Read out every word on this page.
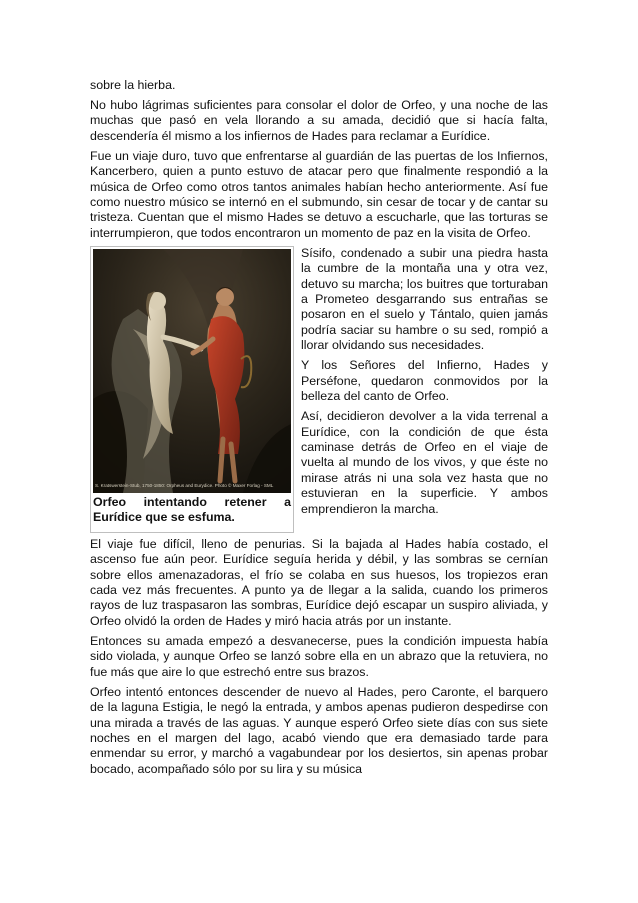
sobre la hierba.

No hubo lágrimas suficientes para consolar el dolor de Orfeo, y una noche de las muchas que pasó en vela llorando a su amada, decidió que si hacía falta, descendería él mismo a los infiernos de Hades para reclamar a Eurídice.

Fue un viaje duro, tuvo que enfrentarse al guardián de las puertas de los Infiernos, Kancerbero, quien a punto estuvo de atacar pero que finalmente respondió a la música de Orfeo como otros tantos animales habían hecho anteriormente. Así fue como nuestro músico se internó en el submundo, sin cesar de tocar y de cantar su tristeza. Cuentan que el mismo Hades se detuvo a escucharle, que las torturas se interrumpieron, que todos encontraron un momento de paz en la visita de Orfeo.

S. Kratswerstein-Stub, 1750-1850: Orpheus and Eurydice. Photo © Maxer Forlag - SML

Orfeo intentando retener a Eurídice que se esfuma.

Sísifo, condenado a subir una piedra hasta la cumbre de la montaña una y otra vez, detuvo su marcha; los buitres que torturaban a Prometeo desgarrando sus entrañas se posaron en el suelo y Tántalo, quien jamás podría saciar su hambre o su sed, rompió a llorar olvidando sus necesidades.

Y los Señores del Infierno, Hades y Perséfone, quedaron conmovidos por la belleza del canto de Orfeo.

Así, decidieron devolver a la vida terrenal a Eurídice, con la condición de que ésta caminase detrás de Orfeo en el viaje de vuelta al mundo de los vivos, y que éste no mirase atrás ni una sola vez hasta que no estuvieran en la superficie. Y ambos emprendieron la marcha.

El viaje fue difícil, lleno de penurias. Si la bajada al Hades había costado, el ascenso fue aún peor. Eurídice seguía herida y débil, y las sombras se cernían sobre ellos amenazadoras, el frío se colaba en sus huesos, los tropiezos eran cada vez más frecuentes. A punto ya de llegar a la salida, cuando los primeros rayos de luz traspasaron las sombras, Eurídice dejó escapar un suspiro aliviada, y Orfeo olvidó la orden de Hades y miró hacia atrás por un instante.

Entonces su amada empezó a desvanecerse, pues la condición impuesta había sido violada, y aunque Orfeo se lanzó sobre ella en un abrazo que la retuviera, no fue más que aire lo que estrechó entre sus brazos.

Orfeo intentó entonces descender de nuevo al Hades, pero Caronte, el barquero de la laguna Estigia, le negó la entrada, y ambos apenas pudieron despedirse con una mirada a través de las aguas. Y aunque esperó Orfeo siete días con sus siete noches en el margen del lago, acabó viendo que era demasiado tarde para enmendar su error, y marchó a vagabundear por los desiertos, sin apenas probar bocado, acompañado sólo por su lira y su música
